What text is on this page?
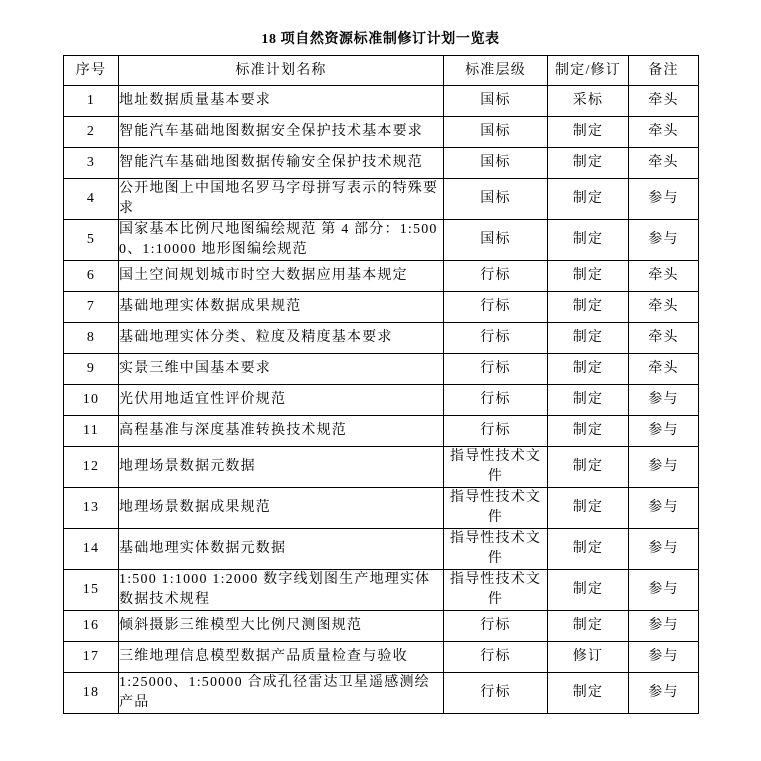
18 项自然资源标准制修订计划一览表
序号	标准计划名称	标准层级	制定/修订	备注
1	地址数据质量基本要求	国标	采标	牵头
2	智能汽车基础地图数据安全保护技术基本要求	国标	制定	牵头
3	智能汽车基础地图数据传输安全保护技术规范	国标	制定	牵头
4	公开地图上中国地名罗马字母拼写表示的特殊要求	国标	制定	参与
5	国家基本比例尺地图编绘规范 第 4 部分：1:5000、1:10000 地形图编绘规范	国标	制定	参与
6	国土空间规划城市时空大数据应用基本规定	行标	制定	牵头
7	基础地理实体数据成果规范	行标	制定	牵头
8	基础地理实体分类、粒度及精度基本要求	行标	制定	牵头
9	实景三维中国基本要求	行标	制定	牵头
10	光伏用地适宜性评价规范	行标	制定	参与
11	高程基准与深度基准转换技术规范	行标	制定	参与
12	地理场景数据元数据	指导性技术文件	制定	参与
13	地理场景数据成果规范	指导性技术文件	制定	参与
14	基础地理实体数据元数据	指导性技术文件	制定	参与
15	1:500 1:1000 1:2000 数字线划图生产地理实体数据技术规程	指导性技术文件	制定	参与
16	倾斜摄影三维模型大比例尺测图规范	行标	制定	参与
17	三维地理信息模型数据产品质量检查与验收	行标	修订	参与
18	1:25000、1:50000 合成孔径雷达卫星遥感测绘产品	行标	制定	参与
